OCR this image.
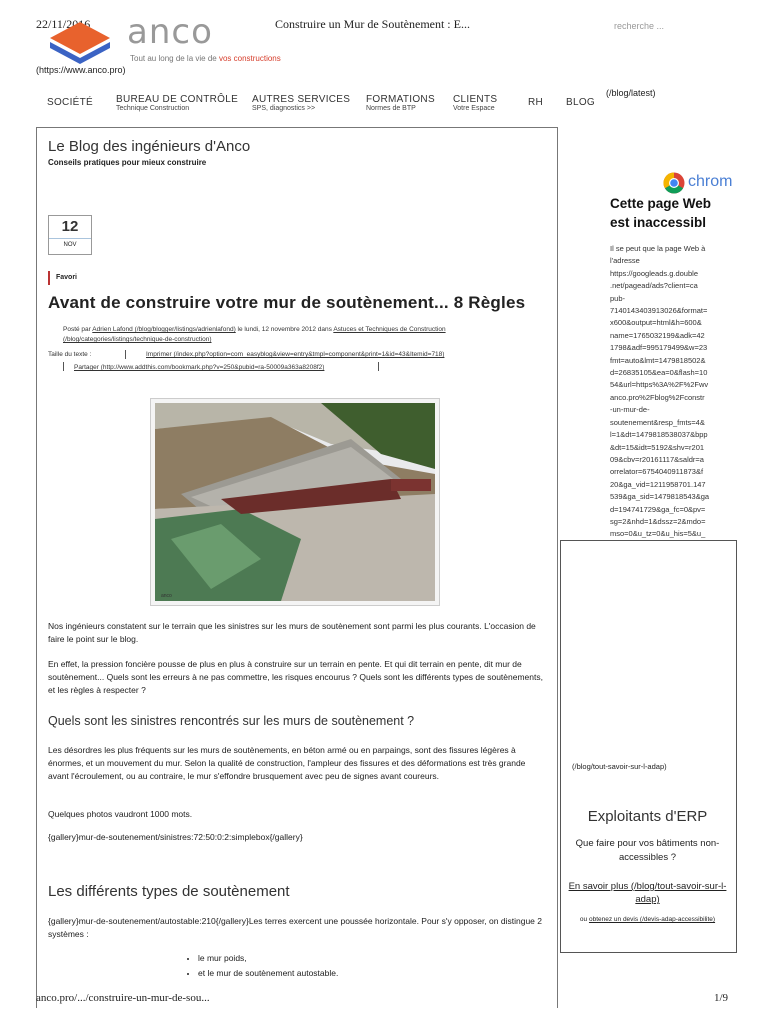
22/11/2016	Construire un Mur de Soutènement : E...	recherche ...
anco
Tout au long de la vie de vos constructions
(https://www.anco.pro)
SOCIÉTÉ BUREAU DE CONTRÔLE
Technique Construction
AUTRES SERVICES
SPS, diagnostics >>
FORMATIONS
Normes de BTP
CLIENTS
Votre Espace
RH BLOG
(/blog/latest)
Le Blog des ingénieurs d'Anco
Conseils pratiques pour mieux construire
12
NOV
Favori
Avant de construire votre mur de soutènement... 8 Règles
Posté par Adrien Lafond (/blog/blogger/listings/adrienlafond) le lundi, 12 novembre 2012 dans Astuces et Techniques de Construction
(/blog/categories/listings/technique-de-construction)
Taille du texte :	Imprimer (/index.php?option=com_easyblog&view=entry&tmpl=component&print=1&id=43&Itemid=718)
Partager (http://www.addthis.com/bookmark.php?v=250&pubid=ra-50009a363a8208f2)
anco
Nos ingénieurs constatent sur le terrain que les sinistres sur les murs de soutènement sont parmi les plus courants. L'occasion de faire le point sur le blog.
En effet, la pression foncière pousse de plus en plus à construire sur un terrain en pente. Et qui dit terrain en pente, dit mur de soutènement... Quels sont les erreurs à ne pas commettre, les risques encourus ? Quels sont les différents types de soutènements, et les règles à respecter ?
Quels sont les sinistres rencontrés sur les murs de soutènement ?
Les désordres les plus fréquents sur les murs de soutènements, en béton armé ou en parpaings, sont des fissures légères à énormes, et un mouvement du mur. Selon la qualité de construction, l'ampleur des fissures et des déformations est très grande avant l'écroulement, ou au contraire, le mur s'effondre brusquement avec peu de signes avant coureurs.
Quelques photos vaudront 1000 mots.
{gallery}mur-de-soutenement/sinistres:72:50:0:2:simplebox{/gallery}
Les différents types de soutènement
{gallery}mur-de-soutenement/autostable:210{/gallery}Les terres exercent une poussée horizontale. Pour s'y opposer, on distingue 2 systèmes :
• le mur poids,
• et le mur de soutènement autostable.
chrom
Cette page Web
est inaccessibl
Il se peut que la page Web à
l'adresse
https://googleads.g.double
.net/pagead/ads?client=ca
pub-
7140143403913026&format=
x600&output=html&h=600&
name=1765032199&adk=42
1798&adf=995179499&w=23
fmt=auto&lmt=1479818502&
d=26835105&ea=0&flash=10
54&url=https%3A%2F%2Fwv
anco.pro%2Fblog%2Fconstr
-un-mur-de-
soutenement&resp_fmts=4&
l=1&dt=1479818538037&bpp
&dt=15&idt=5192&shv=r201
09&cbv=r20161117&saldr=a
orrelator=6754040911873&f
20&ga_vid=1211958701.147
539&ga_sid=1479818543&ga
d=194741729&ga_fc=0&pv=
sg=2&nhd=1&dssz=2&mdo=
mso=0&u_tz=0&u_his=5&u_
(/blog/tout-savoir-sur-l-adap)
Exploitants d'ERP
Que faire pour vos bâtiments non-accessibles ?
En savoir plus (/blog/tout-savoir-sur-l-adap)
ou obtenez un devis (/devis-adap-accessibilite)
anco.pro/.../construire-un-mur-de-sou...	1/9
